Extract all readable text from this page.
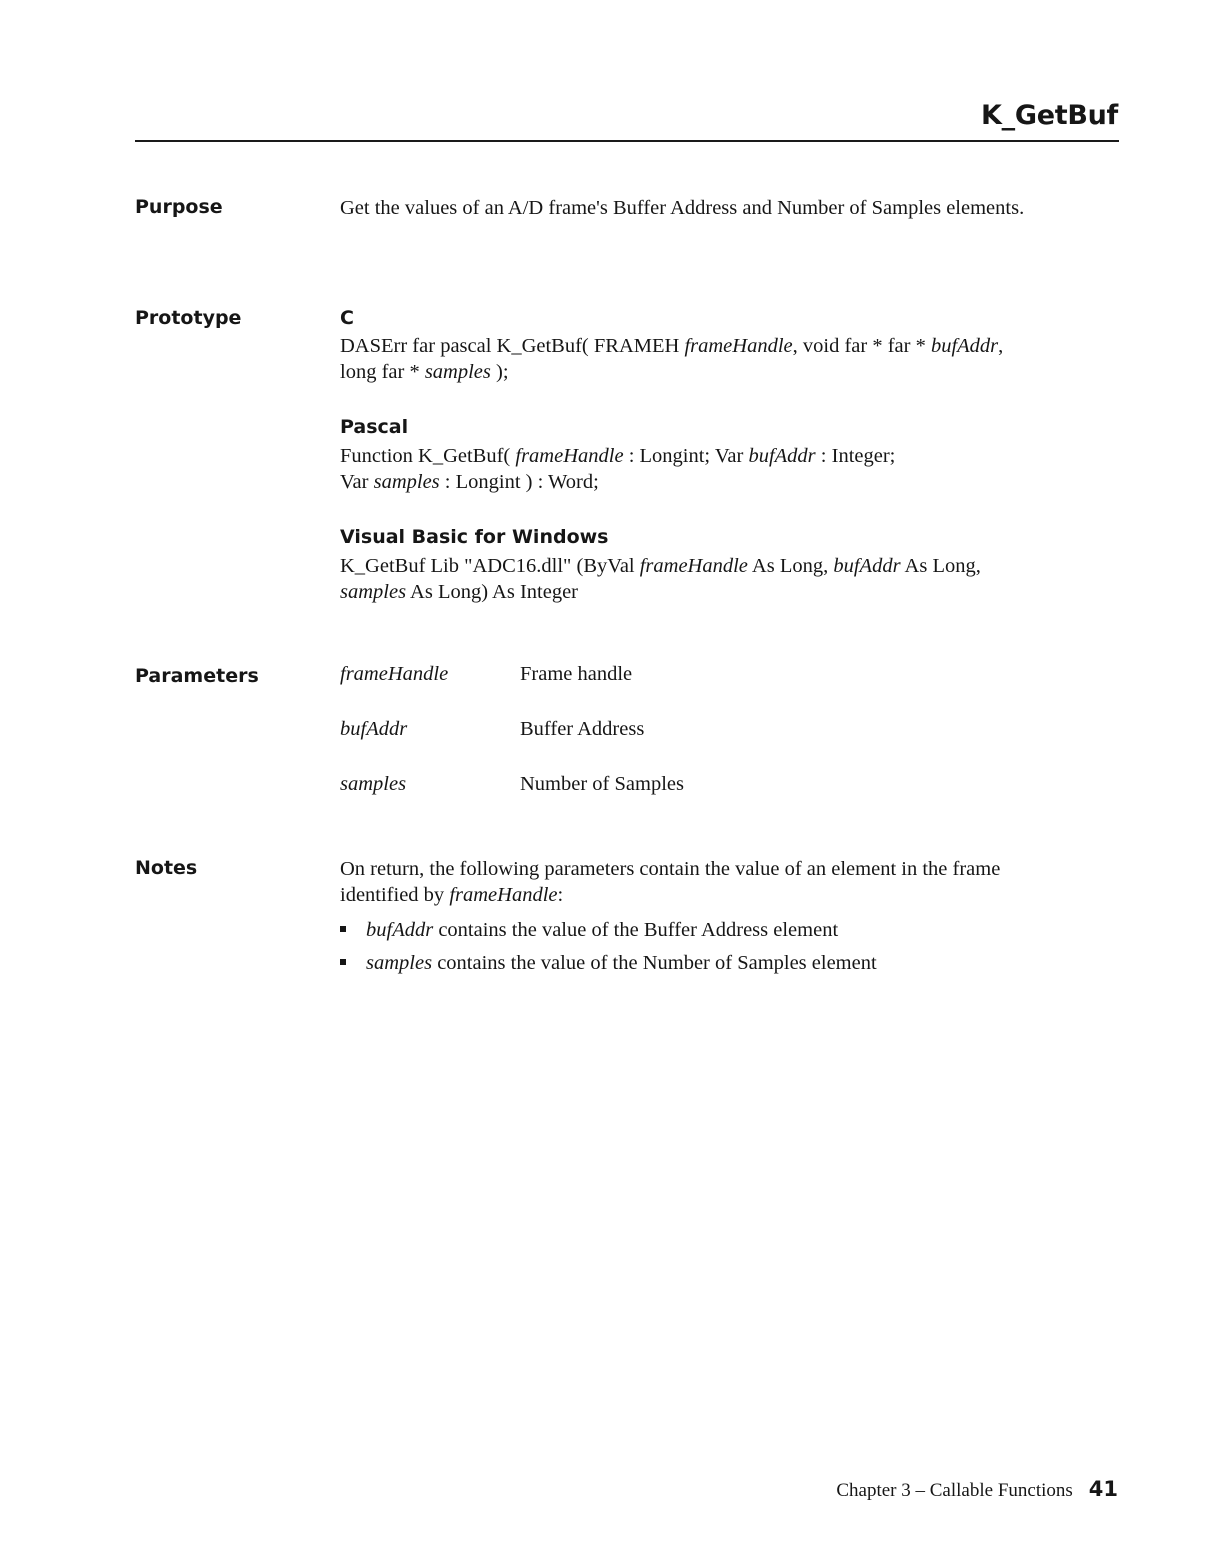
K_GetBuf
Purpose	Get the values of an A/D frame's Buffer Address and Number of Samples elements.

Prototype	C

DASErr far pascal K_GetBuf( FRAMEH frameHandle, void far * far * bufAddr,
long far * samples );

Pascal

Function K_GetBuf( frameHandle : Longint; Var bufAddr : Integer;
Var samples : Longint ) : Word;

Visual Basic for Windows

K_GetBuf Lib "ADC16.dll" (ByVal frameHandle As Long, bufAddr As Long,
samples As Long) As Integer

Parameters	frameHandle	Frame handle
bufAddr	Buffer Address
samples	Number of Samples
Notes	On return, the following parameters contain the value of an element in the frame
identified by frameHandle:

bufAddr contains the value of the Buffer Address element
samples contains the value of the Number of Samples element
Chapter 3 – Callable Functions 41
